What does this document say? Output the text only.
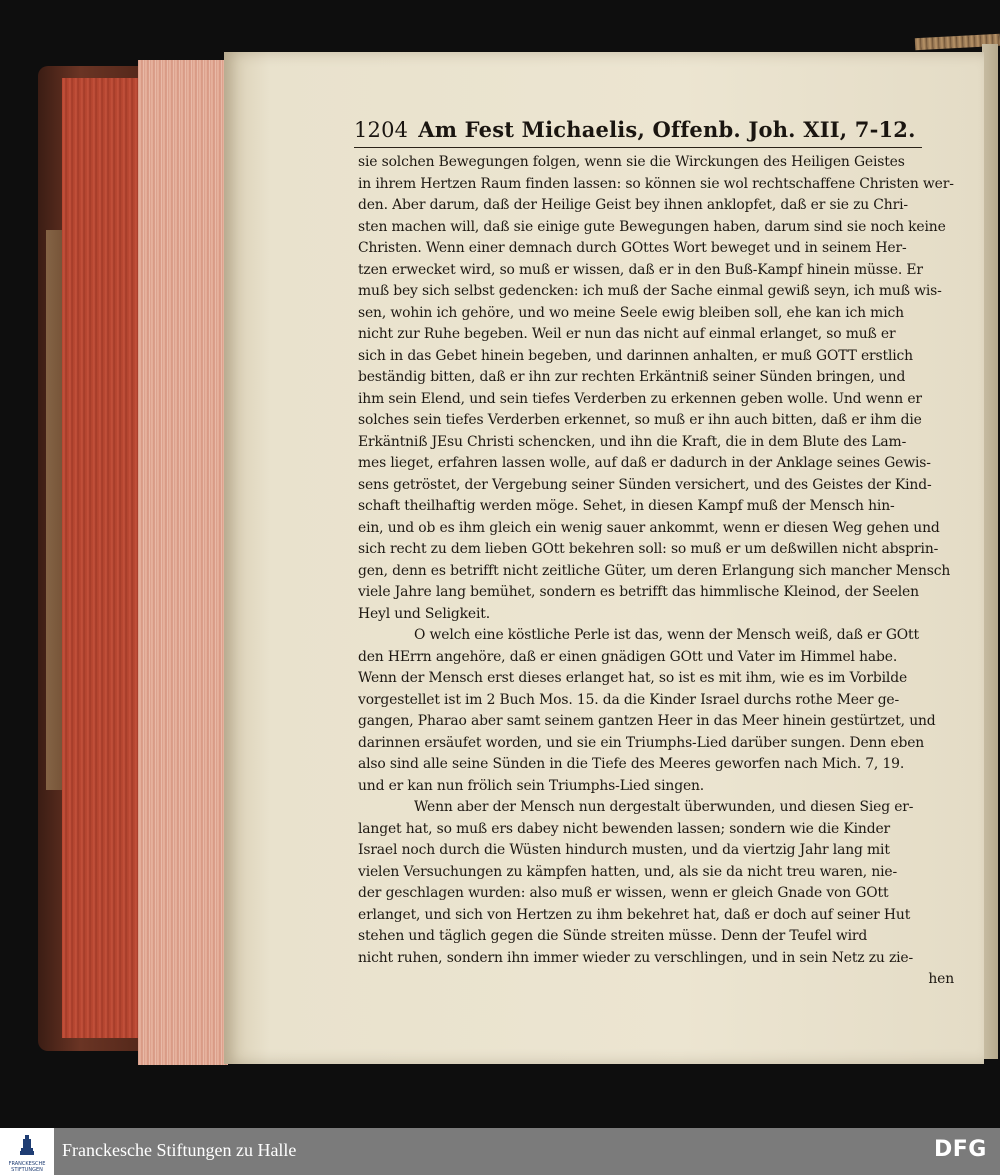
1204 Am Fest Michaelis, Offenb. Joh. XII, 7-12.
sie solchen Bewegungen folgen, wenn sie die Wirckungen des Heiligen Geistes
in ihrem Hertzen Raum finden lassen: so können sie wol rechtschaffene Christen wer-
den. Aber darum, daß der Heilige Geist bey ihnen anklopfet, daß er sie zu Chri-
sten machen will, daß sie einige gute Bewegungen haben, darum sind sie noch keine
Christen. Wenn einer demnach durch GOttes Wort beweget und in seinem Her-
tzen erwecket wird, so muß er wissen, daß er in den Buß-Kampf hinein müsse. Er
muß bey sich selbst gedencken: ich muß der Sache einmal gewiß seyn, ich muß wis-
sen, wohin ich gehöre, und wo meine Seele ewig bleiben soll, ehe kan ich mich
nicht zur Ruhe begeben. Weil er nun das nicht auf einmal erlanget, so muß er
sich in das Gebet hinein begeben, und darinnen anhalten, er muß GOTT erstlich
beständig bitten, daß er ihn zur rechten Erkäntniß seiner Sünden bringen, und
ihm sein Elend, und sein tiefes Verderben zu erkennen geben wolle. Und wenn er
solches sein tiefes Verderben erkennet, so muß er ihn auch bitten, daß er ihm die
Erkäntniß JEsu Christi schencken, und ihn die Kraft, die in dem Blute des Lam-
mes lieget, erfahren lassen wolle, auf daß er dadurch in der Anklage seines Gewis-
sens getröstet, der Vergebung seiner Sünden versichert, und des Geistes der Kind-
schaft theilhaftig werden möge. Sehet, in diesen Kampf muß der Mensch hin-
ein, und ob es ihm gleich ein wenig sauer ankommt, wenn er diesen Weg gehen und
sich recht zu dem lieben GOtt bekehren soll: so muß er um deßwillen nicht absprin-
gen, denn es betrifft nicht zeitliche Güter, um deren Erlangung sich mancher Mensch
viele Jahre lang bemühet, sondern es betrifft das himmlische Kleinod, der Seelen
Heyl und Seligkeit.
O welch eine köstliche Perle ist das, wenn der Mensch weiß, daß er GOtt
den HErrn angehöre, daß er einen gnädigen GOtt und Vater im Himmel habe.
Wenn der Mensch erst dieses erlanget hat, so ist es mit ihm, wie es im Vorbilde
vorgestellet ist im 2 Buch Mos. 15. da die Kinder Israel durchs rothe Meer ge-
gangen, Pharao aber samt seinem gantzen Heer in das Meer hinein gestürtzet, und
darinnen ersäufet worden, und sie ein Triumphs-Lied darüber sungen. Denn eben
also sind alle seine Sünden in die Tiefe des Meeres geworfen nach Mich. 7, 19.
und er kan nun frölich sein Triumphs-Lied singen.
Wenn aber der Mensch nun dergestalt überwunden, und diesen Sieg er-
langet hat, so muß ers dabey nicht bewenden lassen; sondern wie die Kinder
Israel noch durch die Wüsten hindurch musten, und da viertzig Jahr lang mit
vielen Versuchungen zu kämpfen hatten, und, als sie da nicht treu waren, nie-
der geschlagen wurden: also muß er wissen, wenn er gleich Gnade von GOtt
erlanget, und sich von Hertzen zu ihm bekehret hat, daß er doch auf seiner Hut
stehen und täglich gegen die Sünde streiten müsse. Denn der Teufel wird
nicht ruhen, sondern ihn immer wieder zu verschlingen, und in sein Netz zu zie-
hen
FRANCKESCHE
STIFTUNGEN
Franckesche Stiftungen zu Halle	DFG
